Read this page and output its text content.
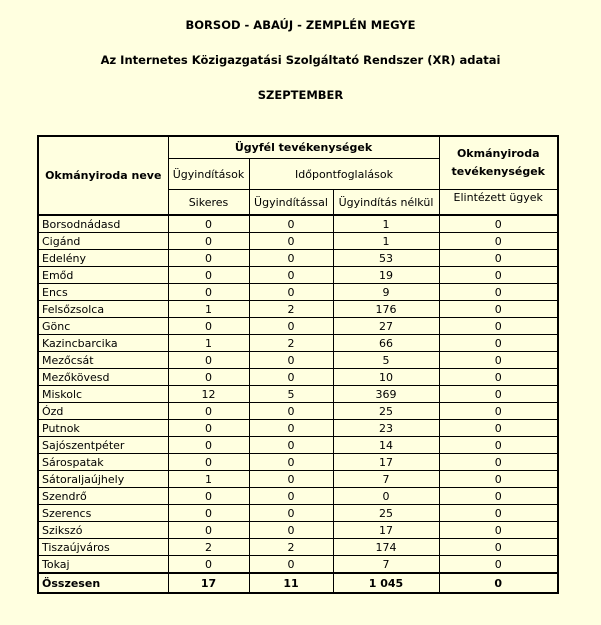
BORSOD - ABAÚJ - ZEMPLÉN MEGYE
Az Internetes Közigazgatási Szolgáltató Rendszer (XR) adatai
SZEPTEMBER
Okmányiroda neve	Ügyfél tevékenységek			Okmányiroda tevékenységek
	Ügyindítások	Időpontfoglalások		
	Sikeres	Ügyindítással	Ügyindítás nélkül	Elintézett ügyek
Borsodnádasd	0	0	1	0
Cigánd	0	0	1	0
Edelény	0	0	53	0
Emőd	0	0	19	0
Encs	0	0	9	0
Felsőzsolca	1	2	176	0
Gönc	0	0	27	0
Kazincbarcika	1	2	66	0
Mezőcsát	0	0	5	0
Mezőkövesd	0	0	10	0
Miskolc	12	5	369	0
Ózd	0	0	25	0
Putnok	0	0	23	0
Sajószentpéter	0	0	14	0
Sárospatak	0	0	17	0
Sátoraljaújhely	1	0	7	0
Szendrő	0	0	0	0
Szerencs	0	0	25	0
Szikszó	0	0	17	0
Tiszaújváros	2	2	174	0
Tokaj	0	0	7	0
Összesen	17	11	1 045	0
